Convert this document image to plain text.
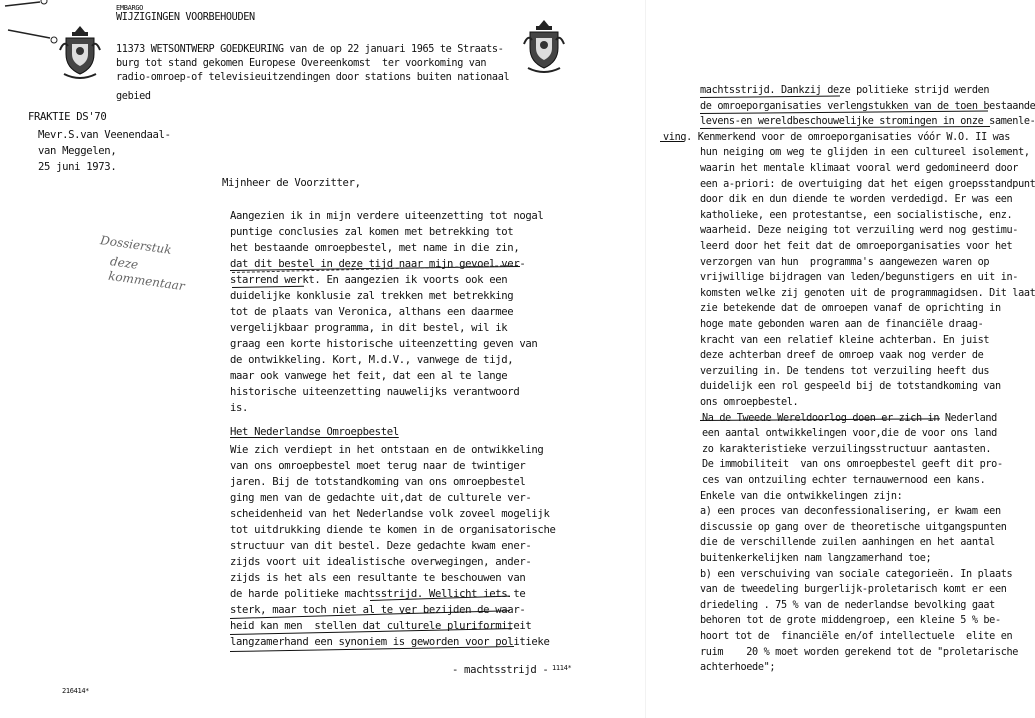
EMBARGO
WIJZIGINGEN VOORBEHOUDEN
11373 WETSONTWERP GOEDKEURING van de op 22 januari 1965 te Straats-
burg tot stand gekomen Europese Overeenkomst  ter voorkoming van
radio-omroep-of televisieuitzendingen door stations buiten nationaal
gebied
FRAKTIE DS'70
Mevr.S.van Veenendaal-
van Meggelen,
25 juni 1973.
Dossierstuk
deze
kommentaar
Mijnheer de Voorzitter,
Aangezien ik in mijn verdere uiteenzetting tot nogal
puntige conclusies zal komen met betrekking tot
het bestaande omroepbestel, met name in die zin,
dat dit bestel in deze tijd naar mijn gevoel ver-
starrend werkt. En aangezien ik voorts ook een
duidelijke konklusie zal trekken met betrekking
tot de plaats van Veronica, althans een daarmee
vergelijkbaar programma, in dit bestel, wil ik
graag een korte historische uiteenzetting geven van
de ontwikkeling. Kort, M.d.V., vanwege de tijd,
maar ook vanwege het feit, dat een al te lange
historische uiteenzetting nauwelijks verantwoord
is.
Het Nederlandse Omroepbestel
Wie zich verdiept in het ontstaan en de ontwikkeling
van ons omroepbestel moet terug naar de twintiger
jaren. Bij de totstandkoming van ons omroepbestel
ging men van de gedachte uit,dat de culturele ver-
scheidenheid van het Nederlandse volk zoveel mogelijk
tot uitdrukking diende te komen in de organisatorische
structuur van dit bestel. Deze gedachte kwam ener-
zijds voort uit idealistische overwegingen, ander-
zijds is het als een resultante te beschouwen van
de harde politieke machtsstrijd. Wellicht iets te
sterk, maar toch niet al te ver bezijden de waar-
heid kan men  stellen dat culturele pluriformiteit
langzamerhand een synoniem is geworden voor politieke
- machtsstrijd -
216414*
1114*
machtsstrijd. Dankzij deze politieke strijd werden
de omroeporganisaties verlengstukken van de toen bestaande
levens-en wereldbeschouwelijke stromingen in onze samenle-
ving. Kenmerkend voor de omroeporganisaties vóór W.O. II was
hun neiging om weg te glijden in een cultureel isolement,
waarin het mentale klimaat vooral werd gedomineerd door
een a-priori: de overtuiging dat het eigen groepsstandpunt
door dik en dun diende te worden verdedigd. Er was een
katholieke, een protestantse, een socialistische, enz.
waarheid. Deze neiging tot verzuiling werd nog gestimu-
leerd door het feit dat de omroeporganisaties voor het
verzorgen van hun  programma's aangewezen waren op
vrijwillige bijdragen van leden/begunstigers en uit in-
komsten welke zij genoten uit de programmagidsen. Dit laat
zie betekende dat de omroepen vanaf de oprichting in
hoge mate gebonden waren aan de financiële draag-
kracht van een relatief kleine achterban. En juist
deze achterban dreef de omroep vaak nog verder de
verzuiling in. De tendens tot verzuiling heeft dus
duidelijk een rol gespeeld bij de totstandkoming van
ons omroepbestel.
Na de Tweede Wereldoorlog doen er zich in Nederland
een aantal ontwikkelingen voor,die de voor ons land
zo karakteristieke verzuilingsstructuur aantasten.
De immobiliteit  van ons omroepbestel geeft dit pro-
ces van ontzuiling echter ternauwernood een kans.
Enkele van die ontwikkelingen zijn:
a) een proces van deconfessionalisering, er kwam een
discussie op gang over de theoretische uitgangspunten
die de verschillende zuilen aanhingen en het aantal
buitenkerkelijken nam langzamerhand toe;
b) een verschuiving van sociale categorieën. In plaats
van de tweedeling burgerlijk-proletarisch komt er een
driedeling . 75 % van de nederlandse bevolking gaat
behoren tot de grote middengroep, een kleine 5 % be-
hoort tot de  financiële en/of intellectuele  elite en
ruim    20 % moet worden gerekend tot de "proletarische
achterhoede";
